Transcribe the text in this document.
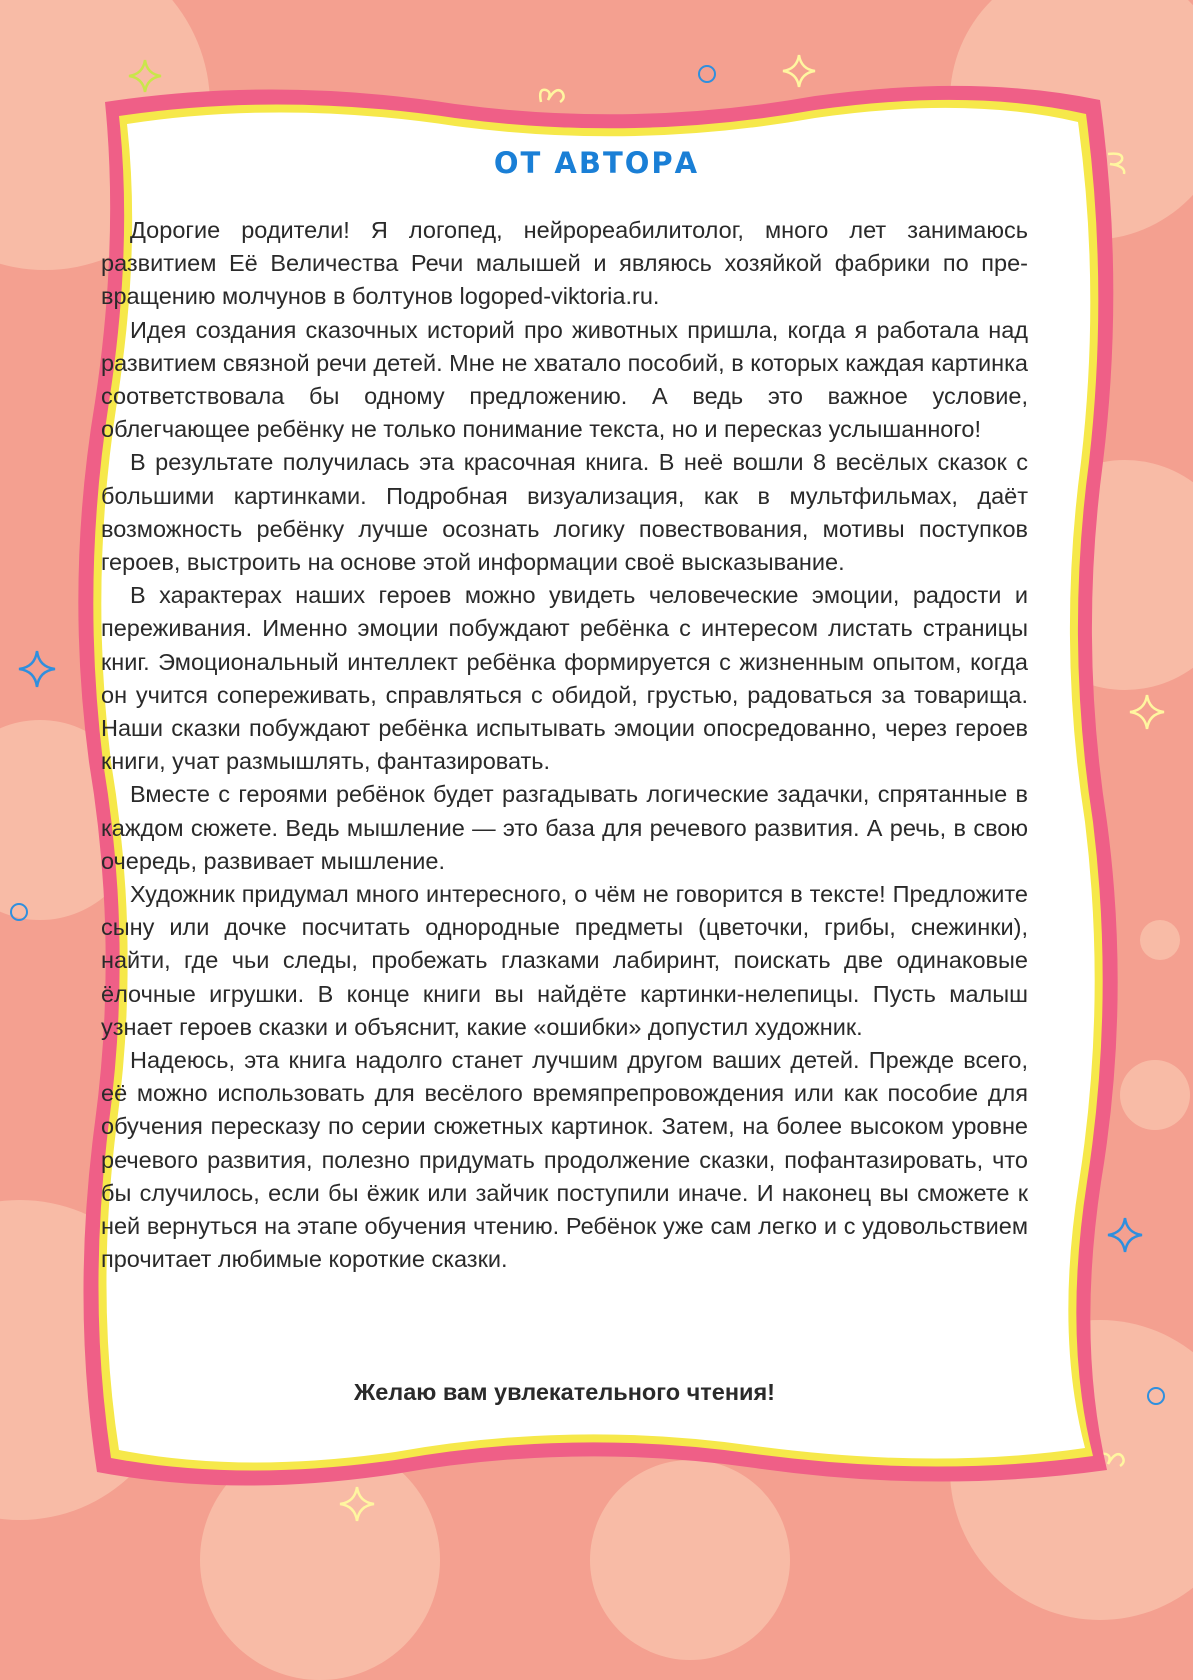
ОТ АВТОРА

Дорогие родители! Я логопед, нейрореабилитолог, много лет занимаюсь развитием Её Величества Речи малышей и являюсь хозяйкой фабрики по превращению молчунов в болтунов logoped-viktoria.ru.

Идея создания сказочных историй про животных пришла, когда я работала над развитием связной речи детей. Мне не хватало пособий, в которых каждая картинка соответствовала бы одному предложению. А ведь это важное условие, облегчающее ребёнку не только понимание текста, но и пересказ услышанного!

В результате получилась эта красочная книга. В неё вошли 8 весёлых сказок с большими картинками. Подробная визуализация, как в мультфильмах, даёт возможность ребёнку лучше осознать логику повествования, мотивы поступков героев, выстроить на основе этой информации своё высказывание.

В характерах наших героев можно увидеть человеческие эмоции, радости и переживания. Именно эмоции побуждают ребёнка с интересом листать страницы книг. Эмоциональный интеллект ребёнка формируется с жизненным опытом, когда он учится сопереживать, справляться с обидой, грустью, радоваться за товарища. Наши сказки побуждают ребёнка испытывать эмоции опосредованно, через героев книги, учат размышлять, фантазировать.

Вместе с героями ребёнок будет разгадывать логические задачки, спрятанные в каждом сюжете. Ведь мышление — это база для речевого развития. А речь, в свою очередь, развивает мышление.

Художник придумал много интересного, о чём не говорится в тексте! Предложите сыну или дочке посчитать однородные предметы (цветочки, грибы, снежинки), найти, где чьи следы, пробежать глазками лабиринт, поискать две одинаковые ёлочные игрушки. В конце книги вы найдёте картинки-нелепицы. Пусть малыш узнает героев сказки и объяснит, какие «ошибки» допустил художник.

Надеюсь, эта книга надолго станет лучшим другом ваших детей. Прежде всего, её можно использовать для весёлого времяпрепровождения или как пособие для обучения пересказу по серии сюжетных картинок. Затем, на более высоком уровне речевого развития, полезно придумать продолжение сказки, пофантазировать, что бы случилось, если бы ёжик или зайчик поступили иначе. И наконец вы сможете к ней вернуться на этапе обучения чтению. Ребёнок уже сам легко и с удовольствием прочитает любимые короткие сказки.

Желаю вам увлекательного чтения!
